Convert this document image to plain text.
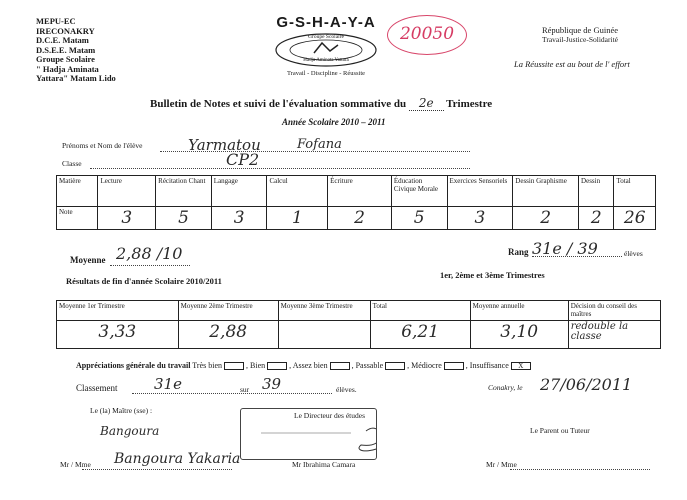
MEPU-EC
IRECONAKRY
D.C.E. Matam
D.S.E.E. Matam
Groupe Scolaire
" Hadja Aminata
Yattara" Matam Lido
G-S-H-A-Y-A
Groupe Scolaire
Hadja Aminata Yattara
Travail - Discipline - Réussite
20050	République de Guinée
Travail-Justice-Solidarité
La Réussite est au bout de l' effort
Bulletin de Notes et suivi de l'évaluation sommative du 2e Trimestre
Année Scolaire 2010 – 2011
Prénoms et Nom de l'élève	Yarmatou	Fofana
Classe	CP2
Matière	Lecture	Récitation Chant	Langage	Calcul	Écriture	Éducation Civique Morale	Exercices Sensoriels	Dessin Graphisme	Dessin	Total
Note	3	5	3	1	2	5	3	2	2	26
Moyenne 2,88 /10	Rang 31e / 39	élèves
Résultats de fin d'année Scolaire 2010/2011
1er, 2ème et 3ème Trimestres
Moyenne 1er Trimestre	Moyenne 2ème Trimestre	Moyenne 3ème Trimestre	Total	Moyenne annuelle	Décision du conseil des maîtres
3,33	2,88		6,21	3,10	redouble la classe
Appréciations générale du travail Très bien	, Bien	, Assez bien	, Passable	, Médiocre	, Insuffisance X
Classement 31e	sur 39	élèves.	Conakry, le 27/06/2011
Le (la) Maître (sse) :
Bangoura
Mr / Mme Bangoura Yakaria
Le Directeur des études
Mr Ibrahima Camara
Le Parent ou Tuteur
Mr / Mme
